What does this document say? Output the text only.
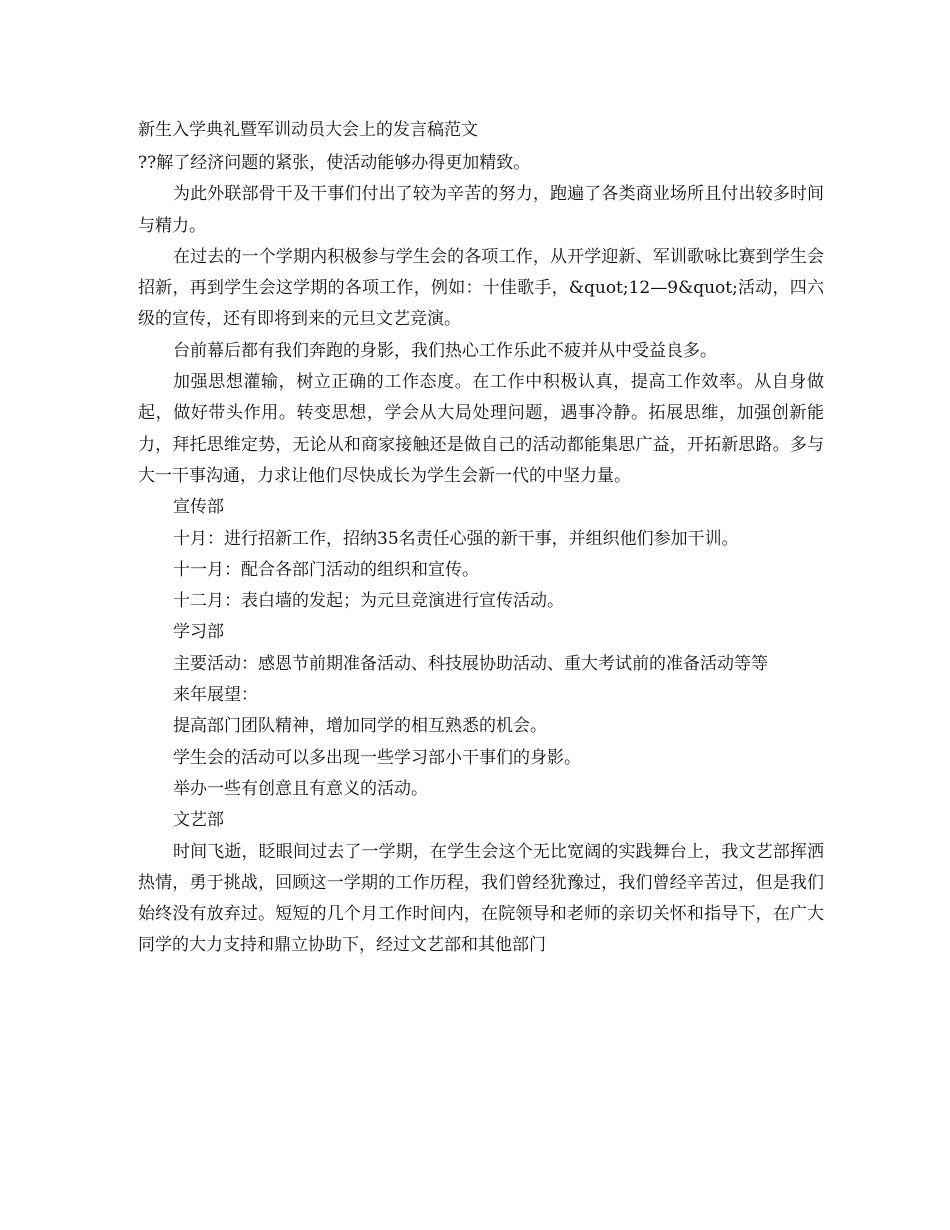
新生入学典礼暨军训动员大会上的发言稿范文

??解了经济问题的紧张，使活动能够办得更加精致。

为此外联部骨干及干事们付出了较为辛苦的努力，跑遍了各类商业场所且付出较多时间与精力。

在过去的一个学期内积极参与学生会的各项工作，从开学迎新、军训歌咏比赛到学生会招新，再到学生会这学期的各项工作，例如：十佳歌手，&quot;12—9&quot;活动，四六级的宣传，还有即将到来的元旦文艺竞演。

台前幕后都有我们奔跑的身影，我们热心工作乐此不疲并从中受益良多。

加强思想灌输，树立正确的工作态度。在工作中积极认真，提高工作效率。从自身做起，做好带头作用。转变思想，学会从大局处理问题，遇事冷静。拓展思维，加强创新能力，拜托思维定势，无论从和商家接触还是做自己的活动都能集思广益，开拓新思路。多与大一干事沟通，力求让他们尽快成长为学生会新一代的中坚力量。

宣传部

十月：进行招新工作，招纳35名责任心强的新干事，并组织他们参加干训。

十一月：配合各部门活动的组织和宣传。

十二月：表白墙的发起；为元旦竞演进行宣传活动。

学习部

主要活动：感恩节前期准备活动、科技展协助活动、重大考试前的准备活动等等

来年展望：

提高部门团队精神，增加同学的相互熟悉的机会。

学生会的活动可以多出现一些学习部小干事们的身影。

举办一些有创意且有意义的活动。

文艺部

时间飞逝，眨眼间过去了一学期，在学生会这个无比宽阔的实践舞台上，我文艺部挥洒热情，勇于挑战，回顾这一学期的工作历程，我们曾经犹豫过，我们曾经辛苦过，但是我们始终没有放弃过。短短的几个月工作时间内，在院领导和老师的亲切关怀和指导下，在广大同学的大力支持和鼎立协助下，经过文艺部和其他部门
